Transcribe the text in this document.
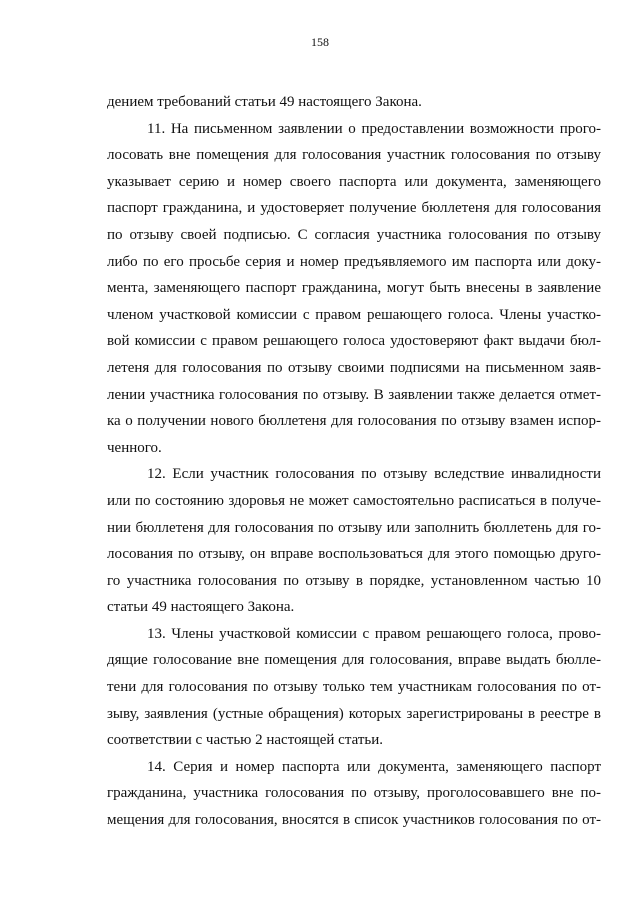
158
дением требований статьи 49 настоящего Закона.
11. На письменном заявлении о предоставлении возможности прого-
лосовать вне помещения для голосования участник голосования по отзыву
указывает серию и номер своего паспорта или документа, заменяющего
паспорт гражданина, и удостоверяет получение бюллетеня для голосования
по отзыву своей подписью. С согласия участника голосования по отзыву
либо по его просьбе серия и номер предъявляемого им паспорта или доку-
мента, заменяющего паспорт гражданина, могут быть внесены в заявление
членом участковой комиссии с правом решающего голоса. Члены участко-
вой комиссии с правом решающего голоса удостоверяют факт выдачи бюл-
летеня для голосования по отзыву своими подписями на письменном заяв-
лении участника голосования по отзыву. В заявлении также делается отмет-
ка о получении нового бюллетеня для голосования по отзыву взамен испор-
ченного.
12. Если участник голосования по отзыву вследствие инвалидности
или по состоянию здоровья не может самостоятельно расписаться в получе-
нии бюллетеня для голосования по отзыву или заполнить бюллетень для го-
лосования по отзыву, он вправе воспользоваться для этого помощью друго-
го участника голосования по отзыву в порядке, установленном частью 10
статьи 49 настоящего Закона.
13. Члены участковой комиссии с правом решающего голоса, прово-
дящие голосование вне помещения для голосования, вправе выдать бюлле-
тени для голосования по отзыву только тем участникам голосования по от-
зыву, заявления (устные обращения) которых зарегистрированы в реестре в
соответствии с частью 2 настоящей статьи.
14. Серия и номер паспорта или документа, заменяющего паспорт
гражданина, участника голосования по отзыву, проголосовавшего вне по-
мещения для голосования, вносятся в список участников голосования по от-
